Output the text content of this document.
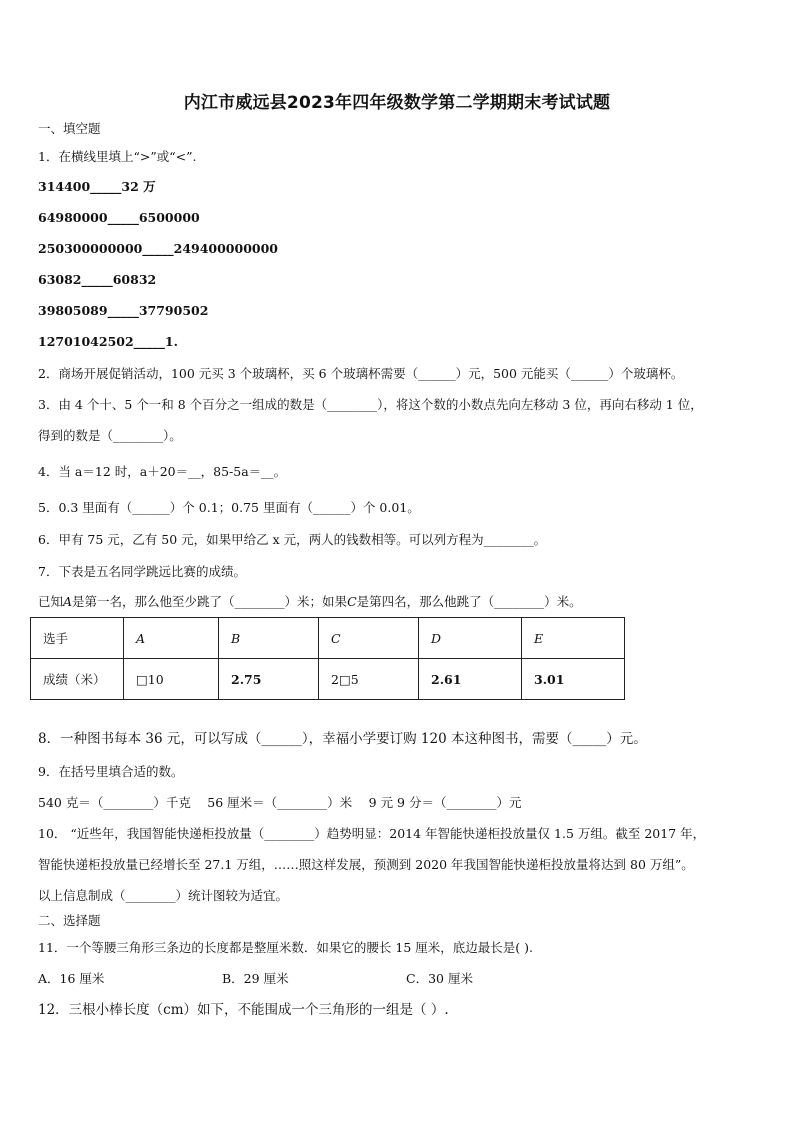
内江市威远县2023年四年级数学第二学期期末考试试题
一、填空题
1．在横线里填上“>”或“<”.
314400_____32 万
64980000_____6500000
250300000000_____249400000000
63082_____60832
39805089_____37790502
12701042502_____1.
2．商场开展促销活动，100 元买 3 个玻璃杯，买 6 个玻璃杯需要（______）元，500 元能买（______）个玻璃杯。
3．由 4 个十、5 个一和 8 个百分之一组成的数是（________），将这个数的小数点先向左移动 3 位，再向右移动 1 位，
得到的数是（________）。
4．当 a＝12 时，a＋20＝__，85-5a＝__。
5．0.3 里面有（______）个 0.1；0.75 里面有（______）个 0.01。
6．甲有 75 元，乙有 50 元，如果甲给乙 x 元，两人的钱数相等。可以列方程为________。
7．下表是五名同学跳远比赛的成绩。
已知A是第一名，那么他至少跳了（________）米；如果C是第四名，那么他跳了（________）米。
选手	A	B	C	D	E
成绩（米）	□10	2.75	2□5	2.61	3.01
8．一种图书每本 36 元，可以写成（______），幸福小学要订购 120 本这种图书，需要（_____）元。
9．在括号里填合适的数。
540 克＝（________）千克　 56 厘米＝（________）米　 9 元 9 分＝（________）元
10． “近些年，我国智能快递柜投放量（________）趋势明显：2014 年智能快递柜投放量仅 1.5 万组。截至 2017 年，
智能快递柜投放量已经增长至 27.1 万组，……照这样发展，预测到 2020 年我国智能快递柜投放量将达到 80 万组”。
以上信息制成（________）统计图较为适宜。
二、选择题
11．一个等腰三角形三条边的长度都是整厘米数．如果它的腰长 15 厘米，底边最长是( ).
A．16 厘米	B．29 厘米	C．30 厘米
12．三根小棒长度（cm）如下，不能围成一个三角形的一组是（ ）.
